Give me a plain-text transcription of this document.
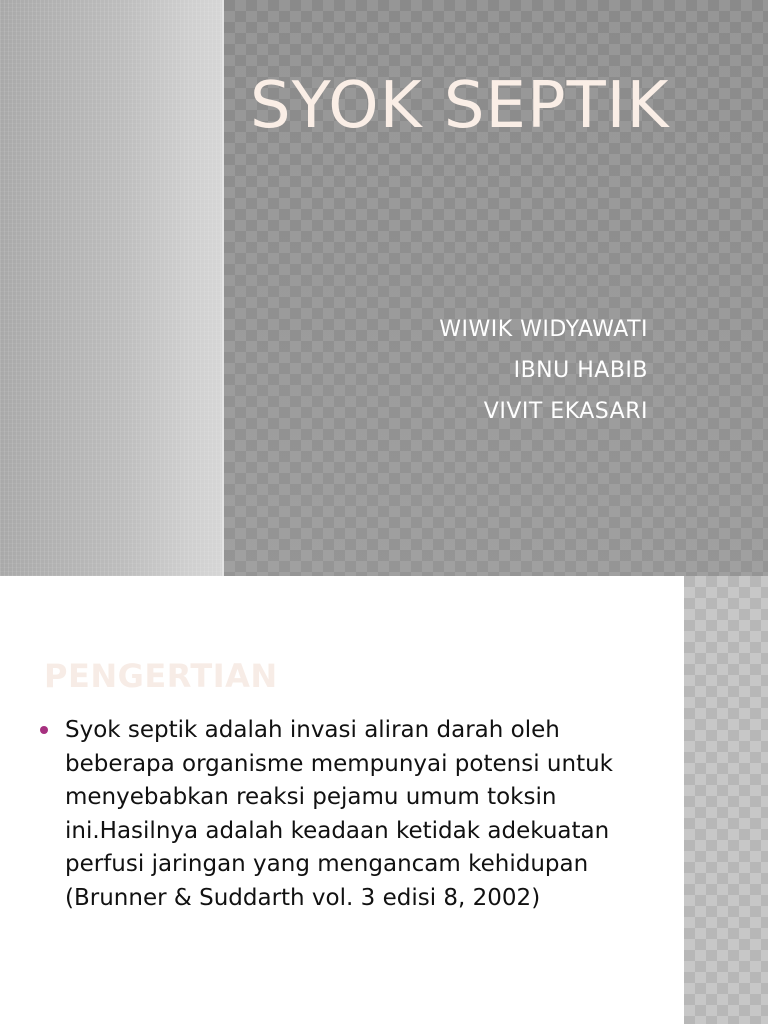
SYOK SEPTIK
WIWIK WIDYAWATI
IBNU HABIB
VIVIT EKASARI
PENGERTIAN
Syok septik adalah invasi aliran darah oleh beberapa organisme mempunyai potensi untuk menyebabkan reaksi pejamu umum toksin ini.Hasilnya adalah keadaan ketidak adekuatan perfusi jaringan yang mengancam kehidupan (Brunner & Suddarth vol. 3 edisi 8, 2002)
